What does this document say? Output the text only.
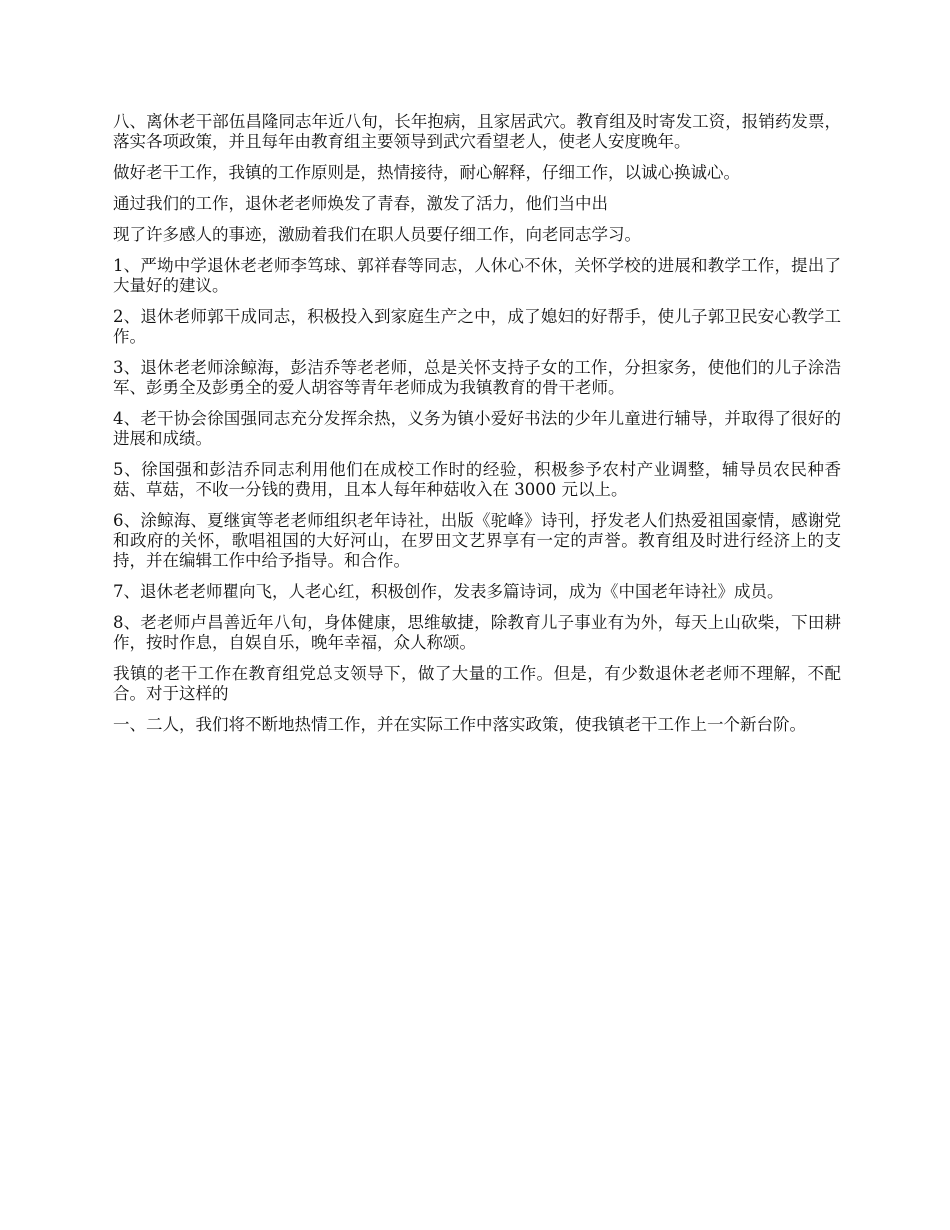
八、离休老干部伍昌隆同志年近八旬，长年抱病，且家居武穴。教育组及时寄发工资，报销药发票，落实各项政策，并且每年由教育组主要领导到武穴看望老人，使老人安度晚年。

做好老干工作，我镇的工作原则是，热情接待，耐心解释，仔细工作，以诚心换诚心。

通过我们的工作，退休老老师焕发了青春，激发了活力，他们当中出

现了许多感人的事迹，激励着我们在职人员要仔细工作，向老同志学习。

1、严坳中学退休老老师李笃球、郭祥春等同志，人休心不休，关怀学校的进展和教学工作，提出了大量好的建议。

2、退休老师郭干成同志，积极投入到家庭生产之中，成了媳妇的好帮手，使儿子郭卫民安心教学工作。

3、退休老老师涂鲸海，彭洁乔等老老师，总是关怀支持子女的工作，分担家务，使他们的儿子涂浩军、彭勇全及彭勇全的爱人胡容等青年老师成为我镇教育的骨干老师。

4、老干协会徐国强同志充分发挥余热，义务为镇小爱好书法的少年儿童进行辅导，并取得了很好的进展和成绩。

5、徐国强和彭洁乔同志利用他们在成校工作时的经验，积极参予农村产业调整，辅导员农民种香菇、草菇，不收一分钱的费用，且本人每年种菇收入在 3000 元以上。

6、涂鲸海、夏继寅等老老师组织老年诗社，出版《驼峰》诗刊，抒发老人们热爱祖国豪情，感谢党和政府的关怀，歌唱祖国的大好河山，在罗田文艺界享有一定的声誉。教育组及时进行经济上的支持，并在编辑工作中给予指导。和合作。

7、退休老老师瞿向飞，人老心红，积极创作，发表多篇诗词，成为《中国老年诗社》成员。

8、老老师卢昌善近年八旬，身体健康，思维敏捷，除教育儿子事业有为外，每天上山砍柴，下田耕作，按时作息，自娱自乐，晚年幸福，众人称颂。

我镇的老干工作在教育组党总支领导下，做了大量的工作。但是，有少数退休老老师不理解，不配合。对于这样的

一、二人，我们将不断地热情工作，并在实际工作中落实政策，使我镇老干工作上一个新台阶。
